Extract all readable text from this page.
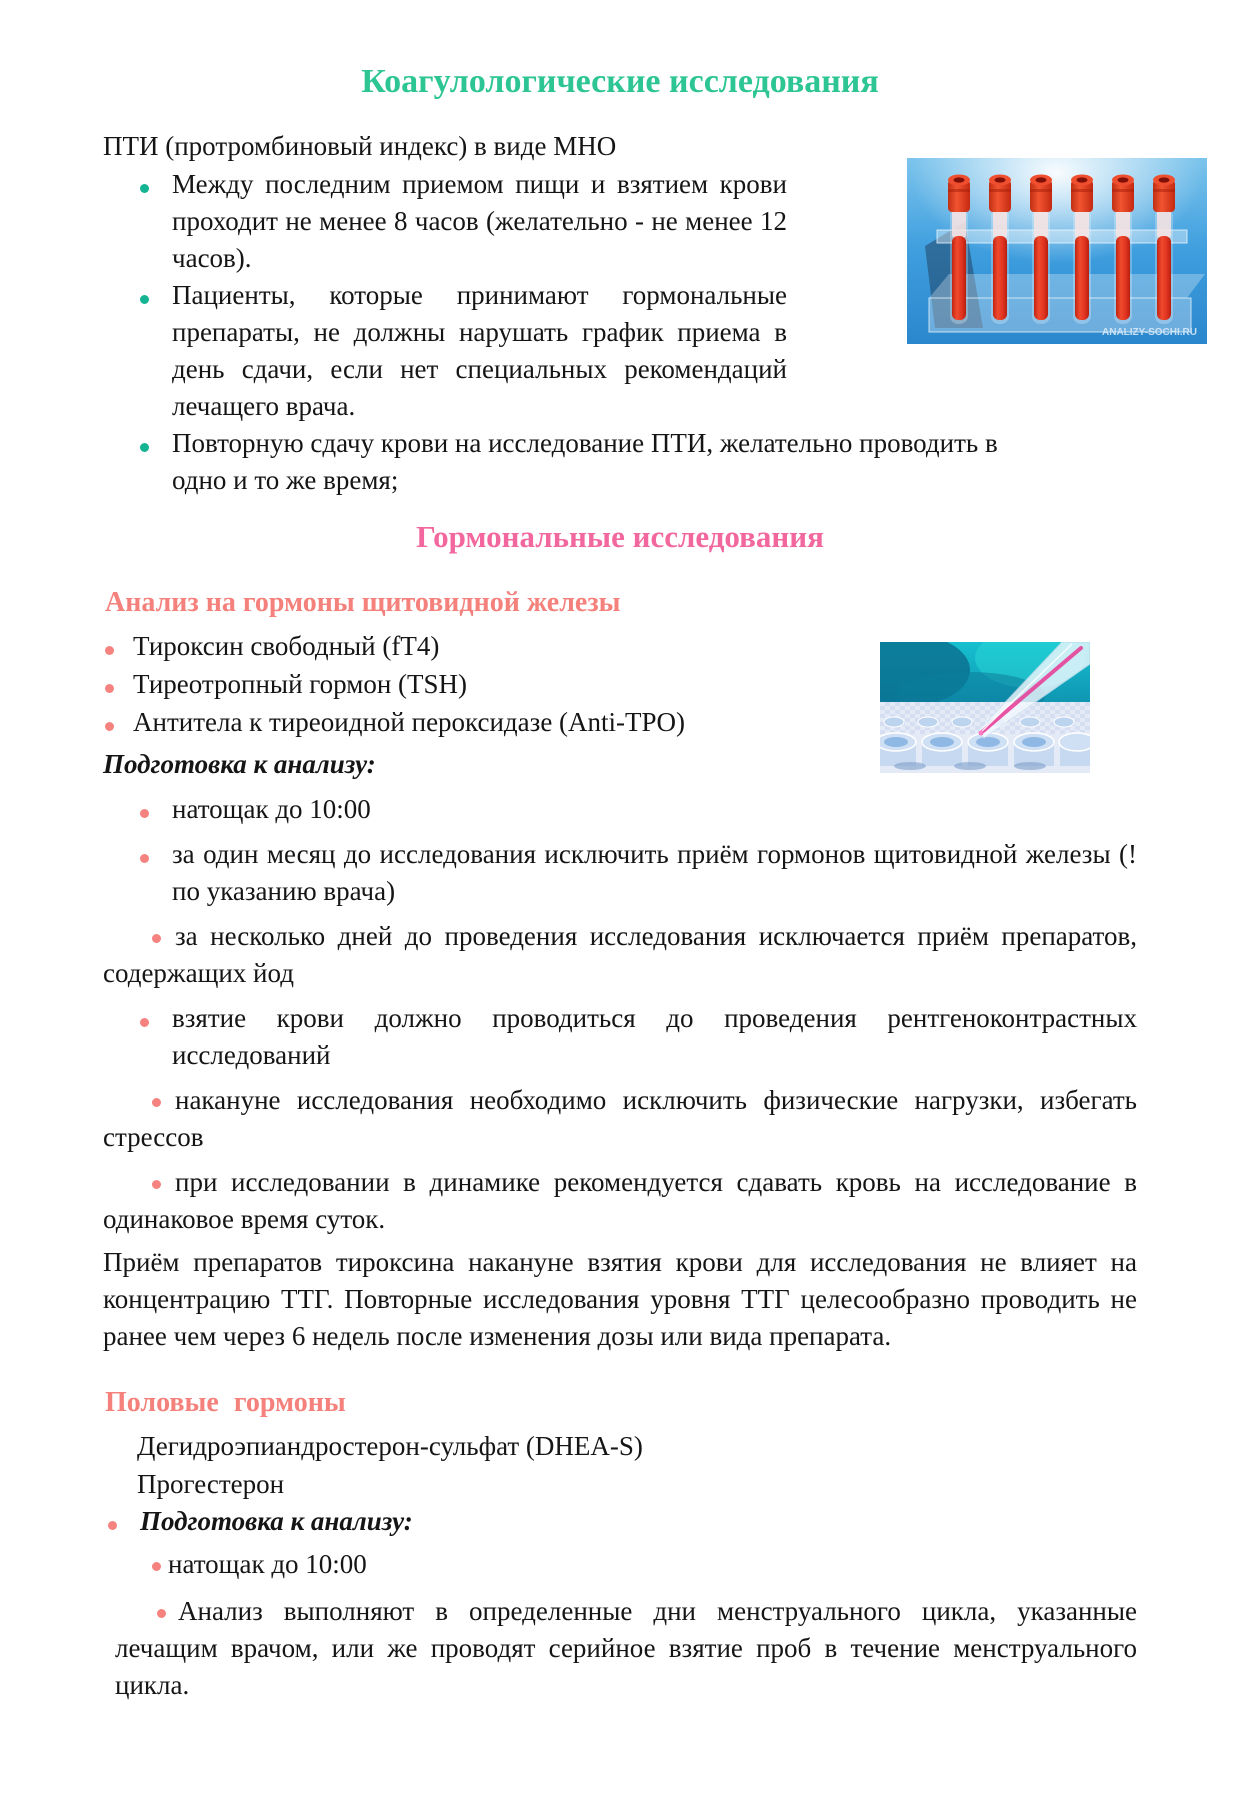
Коагулологические исследования
ANALIZY-SOCHI.RU

ПТИ (протромбиновый индекс) в виде МНО

Между последним приемом пищи и взятием крови проходит не менее 8 часов (желательно - не менее 12 часов).
Пациенты, которые принимают гормональные препараты, не должны нарушать график приема в день сдачи, если нет специальных рекомендаций лечащего врача.
Повторную сдачу крови на исследование ПТИ, желательно проводить в одно и то же время;
Гормональные исследования
Анализ на гормоны щитовидной железы
Тироксин свободный (fT4)
Тиреотропный гормон (TSH)
Антитела к тиреоидной пероксидазе (Anti-TPO)

Подготовка к анализу:

натощак до 10:00
за один месяц до исследования исключить приём гормонов щитовидной железы (!по указанию врача)

за несколько дней до проведения исследования исключается приём препаратов, содержащих йод

взятие крови должно проводиться до проведения рентгеноконтрастных исследований

накануне исследования необходимо исключить физические нагрузки, избегать стрессов

при исследовании в динамике рекомендуется сдавать кровь на исследование в одинаковое время суток.

Приём препаратов тироксина накануне взятия крови для исследования не влияет на концентрацию ТТГ. Повторные исследования уровня ТТГ целесообразно проводить не ранее чем через 6 недель после изменения дозы или вида препарата.

Половые гормоны
Дегидроэпиандростерон-сульфат (DHEA-S)
Прогестерон
Подготовка к анализу:

натощак до 10:00

Анализ выполняют в определенные дни менструального цикла, указанные лечащим врачом, или же проводят серийное взятие проб в течение менструального цикла.
